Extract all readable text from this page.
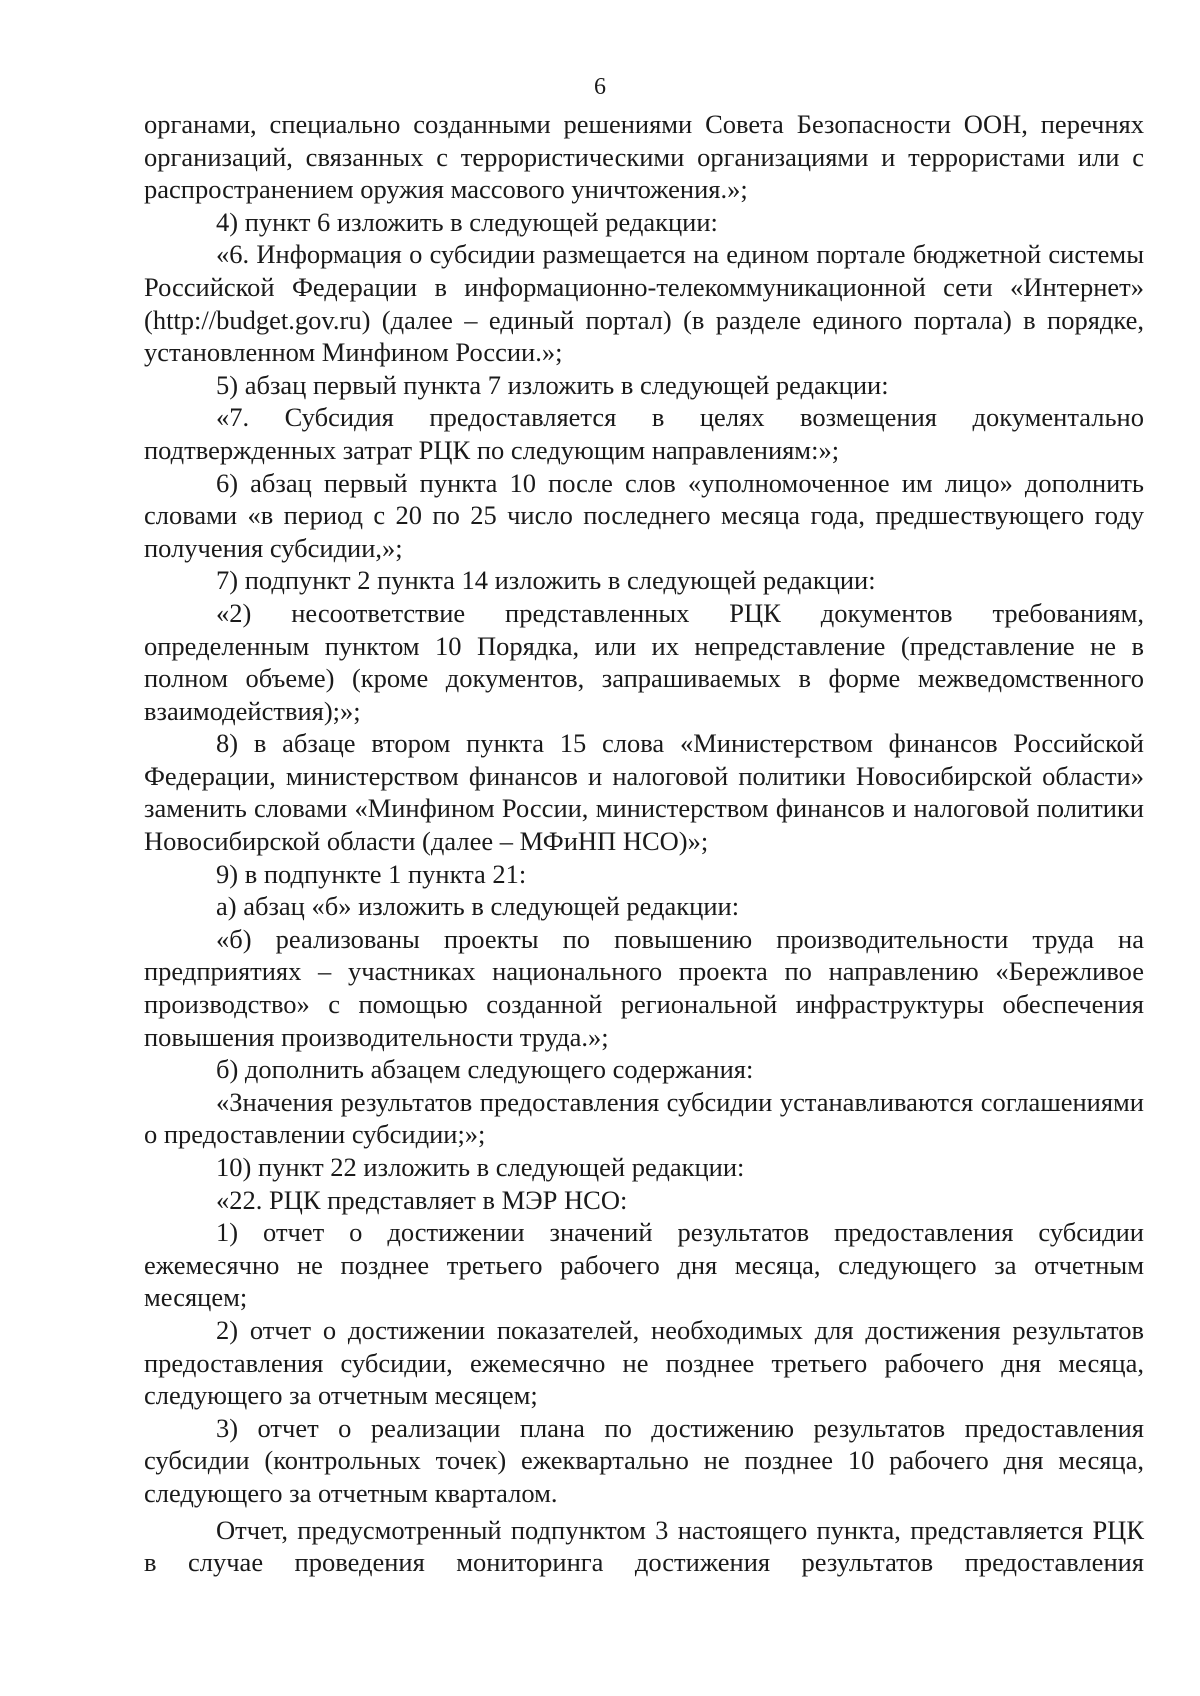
6

органами, специально созданными решениями Совета Безопасности ООН, перечнях организаций, связанных с террористическими организациями и террористами или с распространением оружия массового уничтожения.»;

4) пункт 6 изложить в следующей редакции:

«6. Информация о субсидии размещается на едином портале бюджетной системы Российской Федерации в информационно-телекоммуникационной сети «Интернет» (http://budget.gov.ru) (далее – единый портал) (в разделе единого портала) в порядке, установленном Минфином России.»;

5) абзац первый пункта 7 изложить в следующей редакции:

«7. Субсидия предоставляется в целях возмещения документально подтвержденных затрат РЦК по следующим направлениям:»;

6) абзац первый пункта 10 после слов «уполномоченное им лицо» дополнить словами «в период с 20 по 25 число последнего месяца года, предшествующего году получения субсидии,»;

7) подпункт 2 пункта 14 изложить в следующей редакции:

«2) несоответствие представленных РЦК документов требованиям, определенным пунктом 10 Порядка, или их непредставление (представление не в полном объеме) (кроме документов, запрашиваемых в форме межведомственного взаимодействия);»;

8) в абзаце втором пункта 15 слова «Министерством финансов Российской Федерации, министерством финансов и налоговой политики Новосибирской области» заменить словами «Минфином России, министерством финансов и налоговой политики Новосибирской области (далее – МФиНП НСО)»;

9) в подпункте 1 пункта 21:

а) абзац «б» изложить в следующей редакции:

«б) реализованы проекты по повышению производительности труда на предприятиях – участниках национального проекта по направлению «Бережливое производство» с помощью созданной региональной инфраструктуры обеспечения повышения производительности труда.»;

б) дополнить абзацем следующего содержания:

«Значения результатов предоставления субсидии устанавливаются соглашениями о предоставлении субсидии;»;

10) пункт 22 изложить в следующей редакции:

«22. РЦК представляет в МЭР НСО:

1) отчет о достижении значений результатов предоставления субсидии ежемесячно не позднее третьего рабочего дня месяца, следующего за отчетным месяцем;

2) отчет о достижении показателей, необходимых для достижения результатов предоставления субсидии, ежемесячно не позднее третьего рабочего дня месяца, следующего за отчетным месяцем;

3) отчет о реализации плана по достижению результатов предоставления субсидии (контрольных точек) ежеквартально не позднее 10 рабочего дня месяца, следующего за отчетным кварталом.

Отчет, предусмотренный подпунктом 3 настоящего пункта, представляется РЦК в случае проведения мониторинга достижения результатов предоставления
